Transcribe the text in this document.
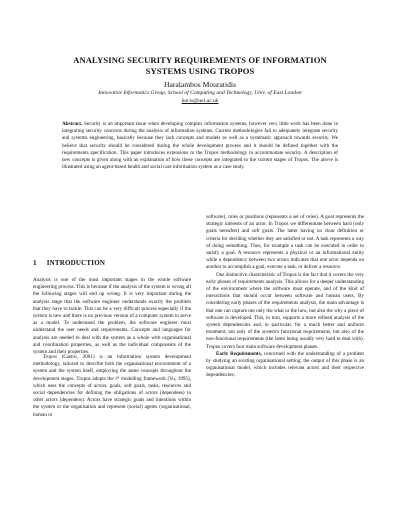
ANALYSING SECURITY REQUIREMENTS OF INFORMATION
SYSTEMS USING TROPOS
Haralambos Mouratidis
Innovative Informatics Group, School of Computing and Technology, Univ. of East London
haris@uel.ac.uk
Abstract. Security is an important issue when developing complex information systems, however very little work has been done in integrating security concerns during the analysis of information systems. Current methodologies fail to adequately integrate security and systems engineering, basically because they lack concepts and models as well as a systematic approach towards security. We believe that security should be considered during the whole development process and it should be defined together with the requirements specification. This paper introduces extensions to the Tropos methodology to accommodate security. A description of new concepts is given along with an explanation of how these concepts are integrated to the current stages of Tropos. The above is illustrated using an agent-based health and social care information system as a case study.
1 INTRODUCTION

Analysis is one of the most important stages in the whole software engineering process. This is because if the analysis of the system is wrong all the following stages will end up wrong. It is very important during the analysis stage that the software engineer understands exactly the problem that they have to tackle. This can be a very difficult process especially if the system is new and there is no previous version of a computer system to serve as a model. To understand the problem, the software engineer must understand the user needs and requirements. Concepts and languages for analysis are needed to deal with the system as a whole with organisational and coordination properties, as well as the individual components of the system and their properties.

Tropos (Castro, 2001) is an information system development methodology, tailored to describe both the organisational environment of a system and the system itself, employing the same concepts throughout the development stages. Tropos adopts the i* modelling framework (Yu, 1995), which uses the concepts of actors, goals, soft goals, tasks, resources and social dependencies for defining the obligations of actors (dependees) to other actors (dependers). Actors have strategic goals and intentions within the system or the organisation and represent (social) agents (organisational, human or

software), roles or positions (represents a set of roles). A goal represents the strategic interests of an actor. In Tropos we differentiate between hard (only goals hereafter) and soft goals. The latter having no clear definition or criteria for deciding whether they are satisfied or not. A task represents a way of doing something. Thus, for example a task can be executed in order to satisfy a goal. A resource represents a physical or an informational entity while a dependency between two actors indicates that one actor depends on another to accomplish a goal, execute a task, or deliver a resource.

One distinctive characteristic of Tropos is the fact that it covers the very early phases of requirements analysis. This allows for a deeper understanding of the environment where the software must operate, and of the kind of interactions that should occur between software and human users. By considering early phases of the requirements analysis, the main advantage is that one can capture not only the what or the how, but also the why a piece of software is developed. This, in turn, supports a more refined analysis of the system dependencies and, in particular, for a much better and uniform treatment, not only of the system's functional requirements, but also of the non-functional requirements (the latter being usually very hard to deal with). Tropos covers four main software development phases.

Early Requirements, concerned with the understanding of a problem by studying an existing organisational setting; the output of this phase is an organisational model, which includes relevant actors and their respective dependencies;
